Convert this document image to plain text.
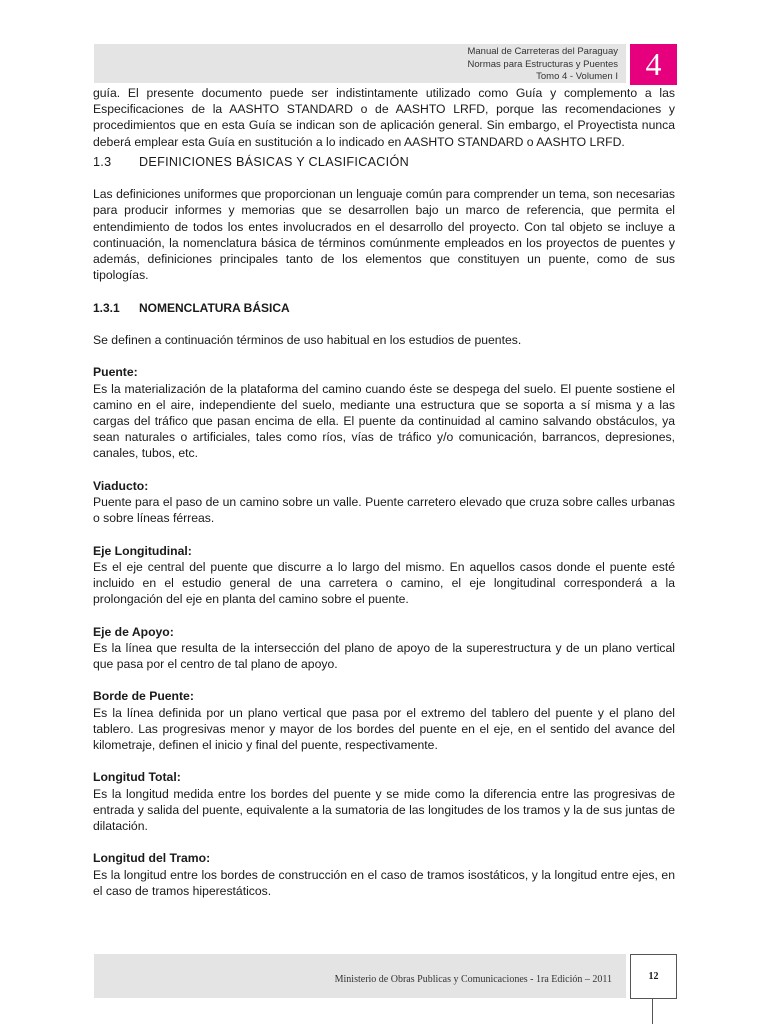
Manual de Carreteras del Paraguay
Normas para Estructuras y Puentes
Tomo 4 - Volumen I 4

guía. El presente documento puede ser indistintamente utilizado como Guía y complemento a las Especificaciones de la AASHTO STANDARD o de AASHTO LRFD, porque las recomendaciones y procedimientos que en esta Guía se indican son de aplicación general. Sin embargo, el Proyectista nunca deberá emplear esta Guía en sustitución a lo indicado en AASHTO STANDARD o AASHTO LRFD.

1.3 DEFINICIONES BÁSICAS Y CLASIFICACIÓN

Las definiciones uniformes que proporcionan un lenguaje común para comprender un tema, son necesarias para producir informes y memorias que se desarrollen bajo un marco de referencia, que permita el entendimiento de todos los entes involucrados en el desarrollo del proyecto. Con tal objeto se incluye a continuación, la nomenclatura básica de términos comúnmente empleados en los proyectos de puentes y además, definiciones principales tanto de los elementos que constituyen un puente, como de sus tipologías.

1.3.1 NOMENCLATURA BÁSICA

Se definen a continuación términos de uso habitual en los estudios de puentes.

Puente:

Es la materialización de la plataforma del camino cuando éste se despega del suelo. El puente sostiene el camino en el aire, independiente del suelo, mediante una estructura que se soporta a sí misma y a las cargas del tráfico que pasan encima de ella. El puente da continuidad al camino salvando obstáculos, ya sean naturales o artificiales, tales como ríos, vías de tráfico y/o comunicación, barrancos, depresiones, canales, tubos, etc.

Viaducto:

Puente para el paso de un camino sobre un valle. Puente carretero elevado que cruza sobre calles urbanas o sobre líneas férreas.

Eje Longitudinal:

Es el eje central del puente que discurre a lo largo del mismo. En aquellos casos donde el puente esté incluido en el estudio general de una carretera o camino, el eje longitudinal corresponderá a la prolongación del eje en planta del camino sobre el puente.

Eje de Apoyo:

Es la línea que resulta de la intersección del plano de apoyo de la superestructura y de un plano vertical que pasa por el centro de tal plano de apoyo.

Borde de Puente:

Es la línea definida por un plano vertical que pasa por el extremo del tablero del puente y el plano del tablero. Las progresivas menor y mayor de los bordes del puente en el eje, en el sentido del avance del kilometraje, definen el inicio y final del puente, respectivamente.

Longitud Total:

Es la longitud medida entre los bordes del puente y se mide como la diferencia entre las progresivas de entrada y salida del puente, equivalente a la sumatoria de las longitudes de los tramos y la de sus juntas de dilatación.

Longitud del Tramo:

Es la longitud entre los bordes de construcción en el caso de tramos isostáticos, y la longitud entre ejes, en el caso de tramos hiperestáticos.

Ministerio de Obras Publicas y Comunicaciones - 1ra Edición – 2011	12
